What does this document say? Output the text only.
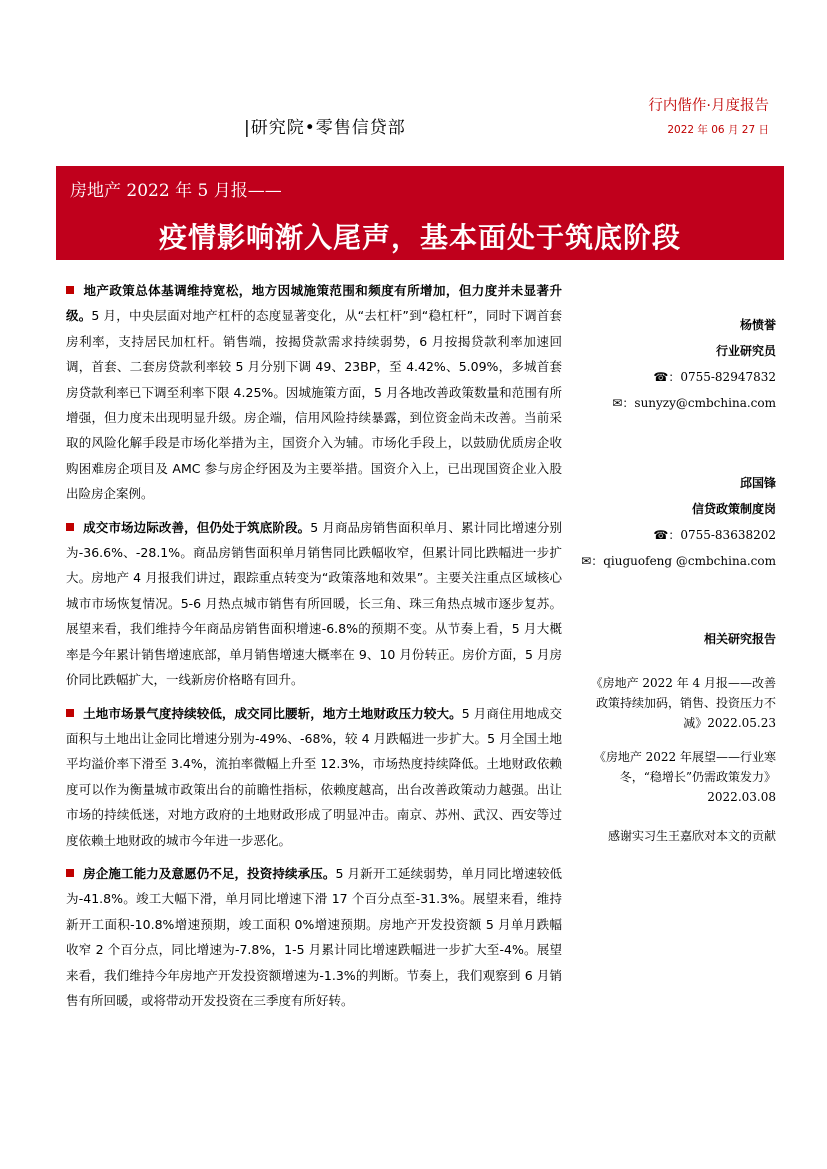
|研究院•零售信贷部
行内偕作·月度报告
2022 年 06 月 27 日
房地产 2022 年 5 月报——
疫情影响渐入尾声，基本面处于筑底阶段
地产政策总体基调维持宽松，地方因城施策范围和频度有所增加，但力度并未显著升级。5 月，中央层面对地产杠杆的态度显著变化，从“去杠杆”到“稳杠杆”，同时下调首套房利率，支持居民加杠杆。销售端，按揭贷款需求持续弱势，6 月按揭贷款利率加速回调，首套、二套房贷款利率较 5 月分别下调 49、23BP，至 4.42%、5.09%，多城首套房贷款利率已下调至利率下限 4.25%。因城施策方面，5 月各地改善政策数量和范围有所增强，但力度未出现明显升级。房企端，信用风险持续暴露，到位资金尚未改善。当前采取的风险化解手段是市场化举措为主，国资介入为辅。市场化手段上，以鼓励优质房企收购困难房企项目及 AMC 参与房企纾困及为主要举措。国资介入上，已出现国资企业入股出险房企案例。
成交市场边际改善，但仍处于筑底阶段。5 月商品房销售面积单月、累计同比增速分别为-36.6%、-28.1%。商品房销售面积单月销售同比跌幅收窄，但累计同比跌幅进一步扩大。房地产 4 月报我们讲过，跟踪重点转变为“政策落地和效果”。主要关注重点区域核心城市市场恢复情况。5-6 月热点城市销售有所回暖，长三角、珠三角热点城市逐步复苏。展望来看，我们维持今年商品房销售面积增速-6.8%的预期不变。从节奏上看，5 月大概率是今年累计销售增速底部，单月销售增速大概率在 9、10 月份转正。房价方面，5 月房价同比跌幅扩大，一线新房价格略有回升。
土地市场景气度持续较低，成交同比腰斩，地方土地财政压力较大。5 月商住用地成交面积与土地出让金同比增速分别为-49%、-68%，较 4 月跌幅进一步扩大。5 月全国土地平均溢价率下滑至 3.4%，流拍率微幅上升至 12.3%，市场热度持续降低。土地财政依赖度可以作为衡量城市政策出台的前瞻性指标，依赖度越高，出台改善政策动力越强。出让市场的持续低迷，对地方政府的土地财政形成了明显冲击。南京、苏州、武汉、西安等过度依赖土地财政的城市今年进一步恶化。
房企施工能力及意愿仍不足，投资持续承压。5 月新开工延续弱势，单月同比增速较低为-41.8%。竣工大幅下滑，单月同比增速下滑 17 个百分点至-31.3%。展望来看，维持新开工面积-10.8%增速预期，竣工面积 0%增速预期。房地产开发投资额 5 月单月跌幅收窄 2 个百分点，同比增速为-7.8%，1-5 月累计同比增速跌幅进一步扩大至-4%。展望来看，我们维持今年房地产开发投资额增速为-1.3%的判断。节奏上，我们观察到 6 月销售有所回暖，或将带动开发投资在三季度有所好转。
杨愤誉
行业研究员
☎：0755-82947832
✉：sunyzy@cmbchina.com
邱国锋
信贷政策制度岗
☎：0755-83638202
✉：qiuguofeng @cmbchina.com
相关研究报告
《房地产 2022 年 4 月报——改善政策持续加码，销售、投资压力不减》2022.05.23
《房地产 2022 年展望——行业寒冬，“稳增长”仍需政策发力》2022.03.08
感谢实习生王嘉欣对本文的贡献
